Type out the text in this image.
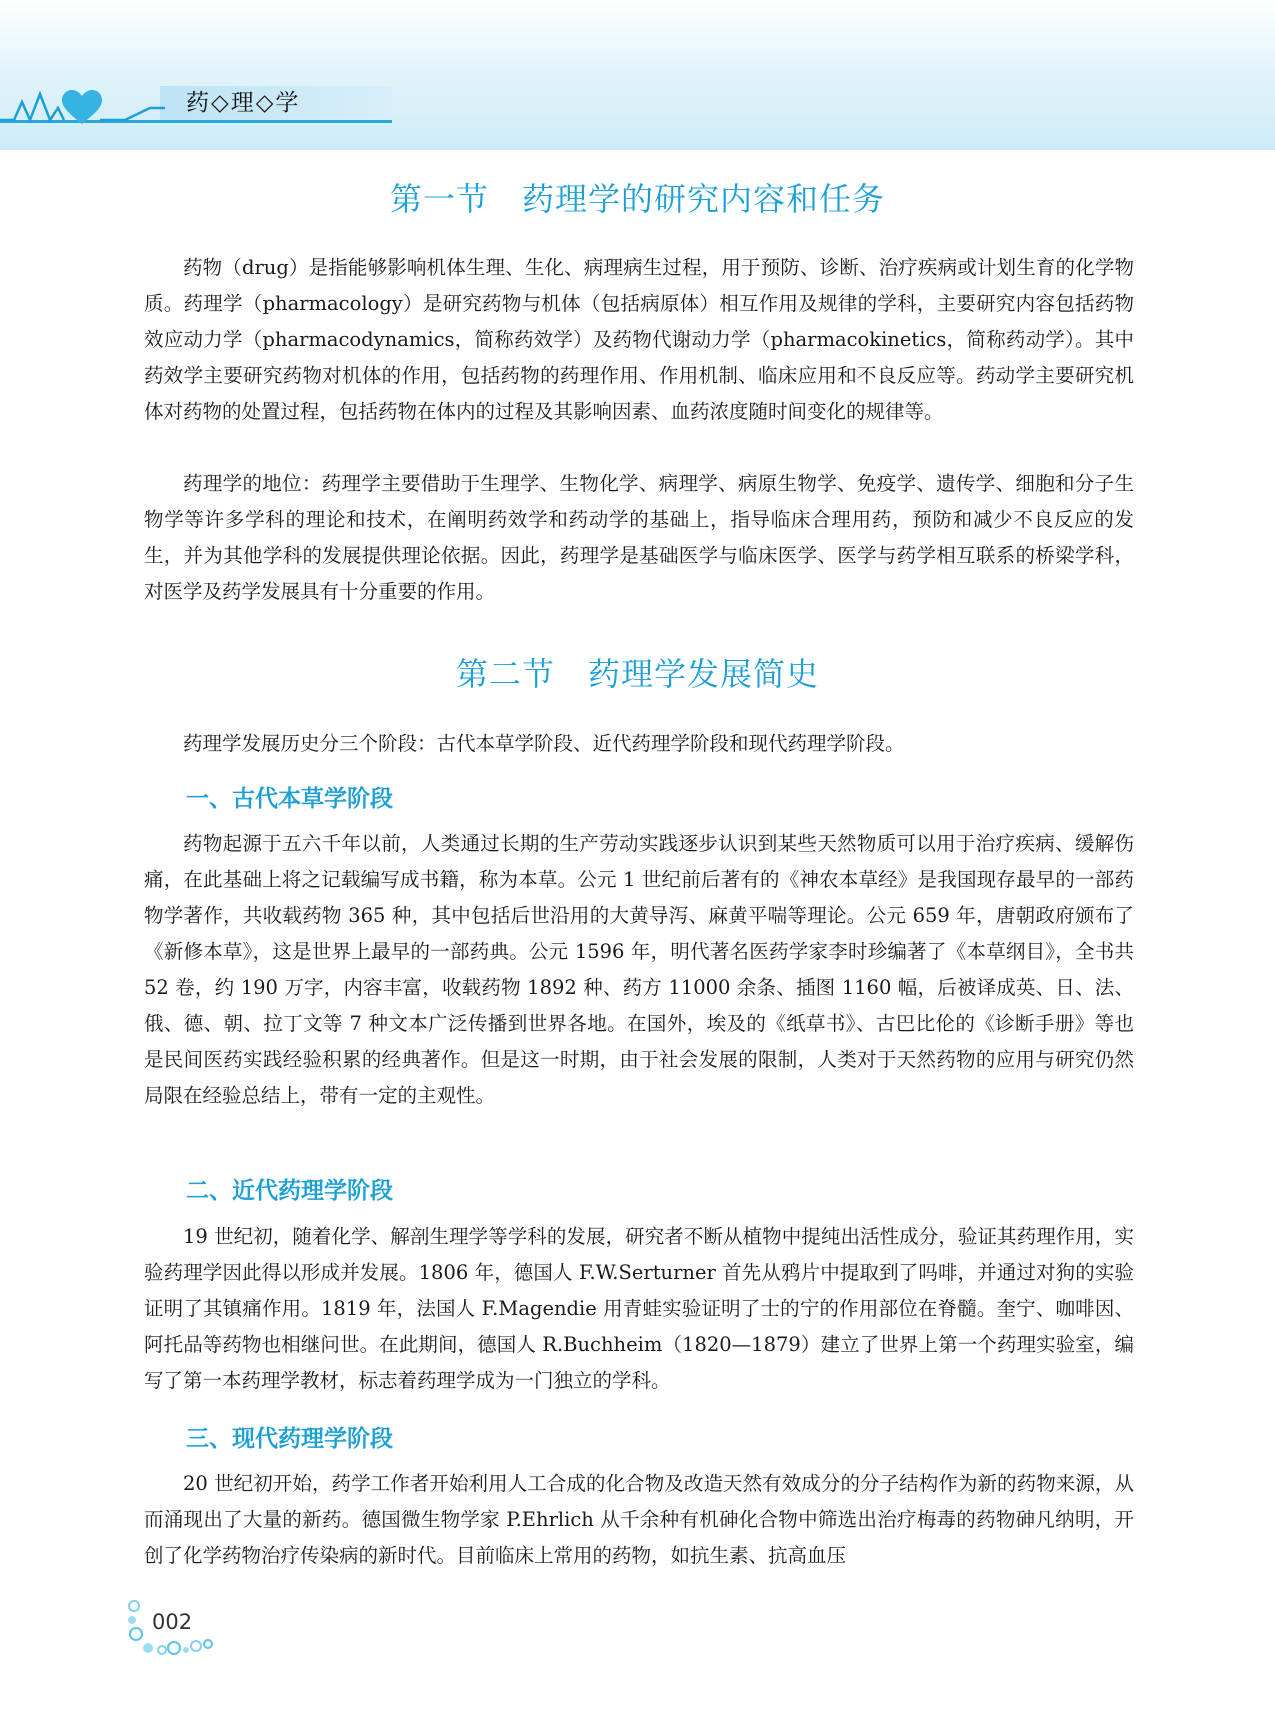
药◇理◇学
第一节　药理学的研究内容和任务

药物（drug）是指能够影响机体生理、生化、病理病生过程，用于预防、诊断、治疗疾病或计划生育的化学物质。药理学（pharmacology）是研究药物与机体（包括病原体）相互作用及规律的学科，主要研究内容包括药物效应动力学（pharmacodynamics，简称药效学）及药物代谢动力学（pharmacokinetics，简称药动学）。其中药效学主要研究药物对机体的作用，包括药物的药理作用、作用机制、临床应用和不良反应等。药动学主要研究机体对药物的处置过程，包括药物在体内的过程及其影响因素、血药浓度随时间变化的规律等。

药理学的地位：药理学主要借助于生理学、生物化学、病理学、病原生物学、免疫学、遗传学、细胞和分子生物学等许多学科的理论和技术，在阐明药效学和药动学的基础上，指导临床合理用药，预防和减少不良反应的发生，并为其他学科的发展提供理论依据。因此，药理学是基础医学与临床医学、医学与药学相互联系的桥梁学科，对医学及药学发展具有十分重要的作用。

第二节　药理学发展简史

药理学发展历史分三个阶段：古代本草学阶段、近代药理学阶段和现代药理学阶段。

一、古代本草学阶段

药物起源于五六千年以前，人类通过长期的生产劳动实践逐步认识到某些天然物质可以用于治疗疾病、缓解伤痛，在此基础上将之记载编写成书籍，称为本草。公元 1 世纪前后著有的《神农本草经》是我国现存最早的一部药物学著作，共收载药物 365 种，其中包括后世沿用的大黄导泻、麻黄平喘等理论。公元 659 年，唐朝政府颁布了《新修本草》，这是世界上最早的一部药典。公元 1596 年，明代著名医药学家李时珍编著了《本草纲目》，全书共 52 卷，约 190 万字，内容丰富，收载药物 1892 种、药方 11000 余条、插图 1160 幅，后被译成英、日、法、俄、德、朝、拉丁文等 7 种文本广泛传播到世界各地。在国外，埃及的《纸草书》、古巴比伦的《诊断手册》等也是民间医药实践经验积累的经典著作。但是这一时期，由于社会发展的限制，人类对于天然药物的应用与研究仍然局限在经验总结上，带有一定的主观性。

二、近代药理学阶段

19 世纪初，随着化学、解剖生理学等学科的发展，研究者不断从植物中提纯出活性成分，验证其药理作用，实验药理学因此得以形成并发展。1806 年，德国人 F.W.Serturner 首先从鸦片中提取到了吗啡，并通过对狗的实验证明了其镇痛作用。1819 年，法国人 F.Magendie 用青蛙实验证明了士的宁的作用部位在脊髓。奎宁、咖啡因、阿托品等药物也相继问世。在此期间，德国人 R.Buchheim（1820—1879）建立了世界上第一个药理实验室，编写了第一本药理学教材，标志着药理学成为一门独立的学科。

三、现代药理学阶段

20 世纪初开始，药学工作者开始利用人工合成的化合物及改造天然有效成分的分子结构作为新的药物来源，从而涌现出了大量的新药。德国微生物学家 P.Ehrlich 从千余种有机砷化合物中筛选出治疗梅毒的药物砷凡纳明，开创了化学药物治疗传染病的新时代。目前临床上常用的药物，如抗生素、抗高血压

002
